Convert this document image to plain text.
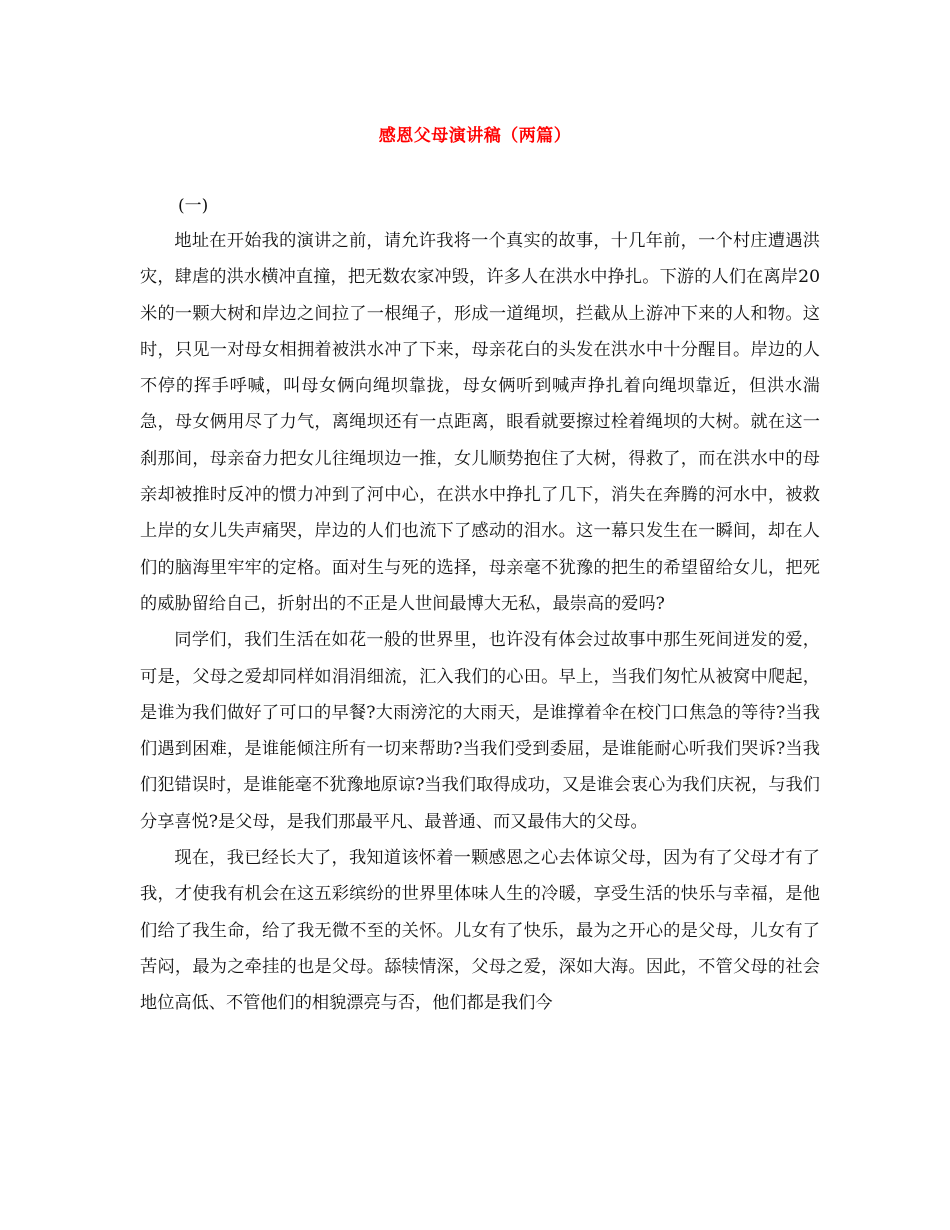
感恩父母演讲稿（两篇）
(一)

地址在开始我的演讲之前，请允许我将一个真实的故事，十几年前，一个村庄遭遇洪灾，肆虐的洪水横冲直撞，把无数农家冲毁，许多人在洪水中挣扎。下游的人们在离岸20米的一颗大树和岸边之间拉了一根绳子，形成一道绳坝，拦截从上游冲下来的人和物。这时，只见一对母女相拥着被洪水冲了下来，母亲花白的头发在洪水中十分醒目。岸边的人不停的挥手呼喊，叫母女俩向绳坝靠拢，母女俩听到喊声挣扎着向绳坝靠近，但洪水湍急，母女俩用尽了力气，离绳坝还有一点距离，眼看就要擦过栓着绳坝的大树。就在这一刹那间，母亲奋力把女儿往绳坝边一推，女儿顺势抱住了大树，得救了，而在洪水中的母亲却被推时反冲的惯力冲到了河中心，在洪水中挣扎了几下，消失在奔腾的河水中，被救上岸的女儿失声痛哭，岸边的人们也流下了感动的泪水。这一幕只发生在一瞬间，却在人们的脑海里牢牢的定格。面对生与死的选择，母亲毫不犹豫的把生的希望留给女儿，把死的威胁留给自己，折射出的不正是人世间最博大无私，最崇高的爱吗?

同学们，我们生活在如花一般的世界里，也许没有体会过故事中那生死间迸发的爱，可是，父母之爱却同样如涓涓细流，汇入我们的心田。早上，当我们匆忙从被窝中爬起，是谁为我们做好了可口的早餐?大雨滂沱的大雨天，是谁撑着伞在校门口焦急的等待?当我们遇到困难，是谁能倾注所有一切来帮助?当我们受到委屈，是谁能耐心听我们哭诉?当我们犯错误时，是谁能毫不犹豫地原谅?当我们取得成功，又是谁会衷心为我们庆祝，与我们分享喜悦?是父母，是我们那最平凡、最普通、而又最伟大的父母。

现在，我已经长大了，我知道该怀着一颗感恩之心去体谅父母，因为有了父母才有了我，才使我有机会在这五彩缤纷的世界里体味人生的冷暖，享受生活的快乐与幸福，是他们给了我生命，给了我无微不至的关怀。儿女有了快乐，最为之开心的是父母，儿女有了苦闷，最为之牵挂的也是父母。舔犊情深，父母之爱，深如大海。因此，不管父母的社会地位高低、不管他们的相貌漂亮与否，他们都是我们今
